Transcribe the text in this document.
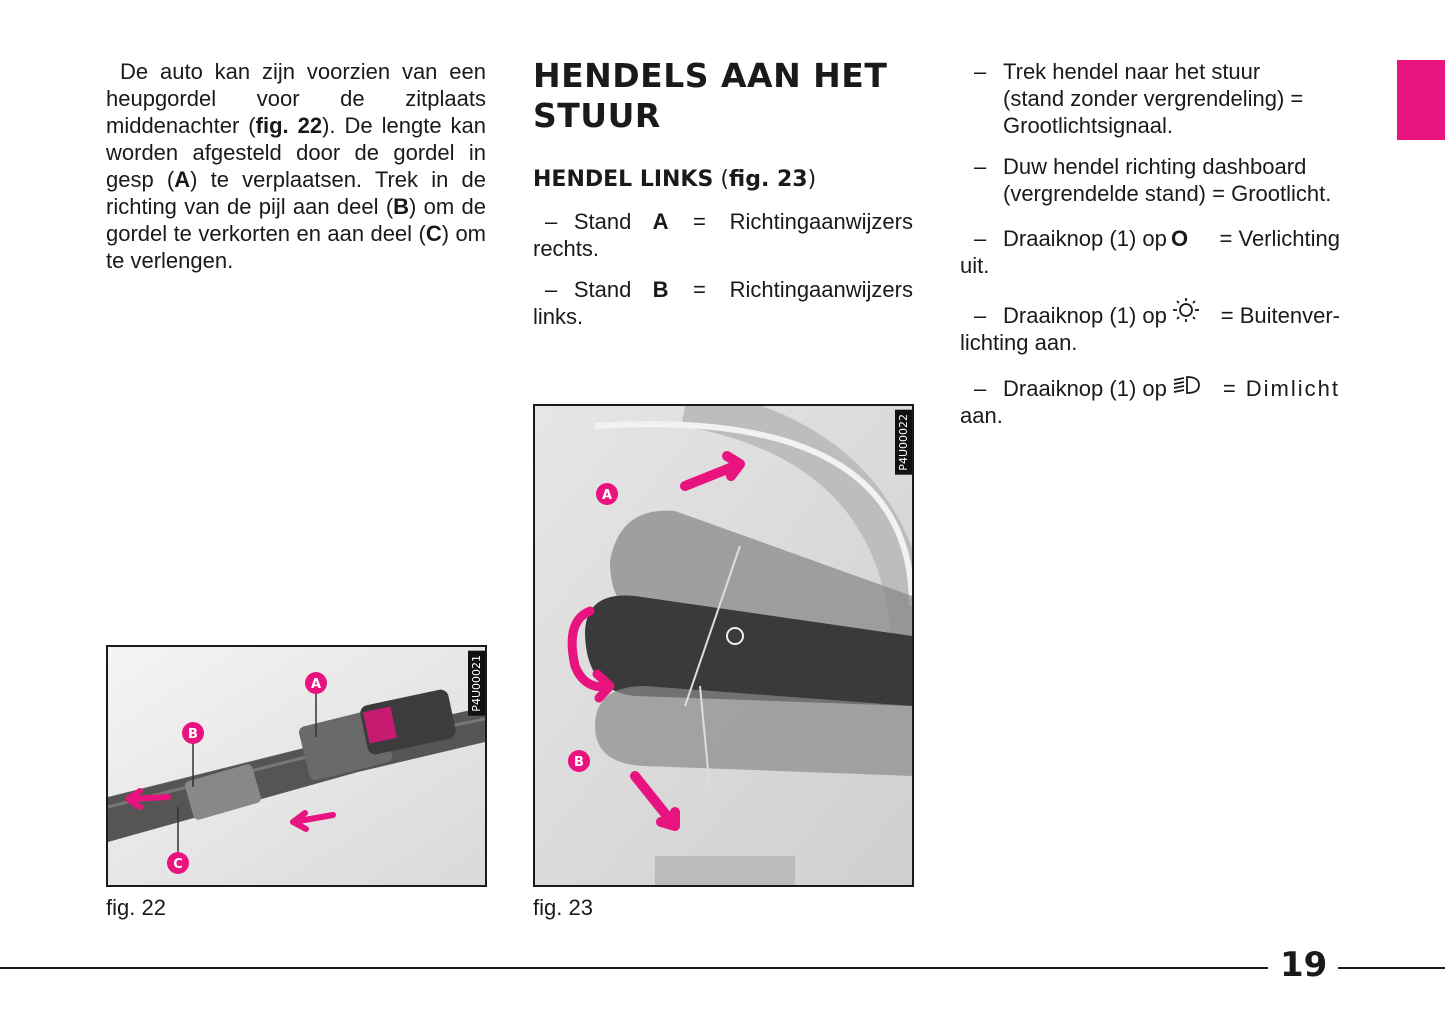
De auto kan zijn voorzien van een heupgordel voor de zitplaats middenachter (fig. 22). De lengte kan worden afgesteld door de gordel in gesp (A) te verplaatsen. Trek in de richting van de pijl aan deel (B) om de gordel te verkorten en aan deel (C) om te verlengen.

A
B
C
P4U00021
fig. 22
HENDELS AAN HET
STUUR
HENDEL LINKS (fig. 23)
– Stand A	=	Richtingaanwijzers
rechts.
– Stand B	=	Richtingaanwijzers
links.
A
B
P4U00022
fig. 23
– Trek hendel naar het stuur
(stand zonder vergrendeling) =
Grootlichtsignaal.
– Duw hendel richting dashboard
(vergrendelde stand) = Grootlicht.
– Draaiknop (1) op O	= Verlichting
uit.
– Draaiknop (1) op = Buitenver-
lichting aan.
– Draaiknop (1) op	= Dimlicht
aan.
19
